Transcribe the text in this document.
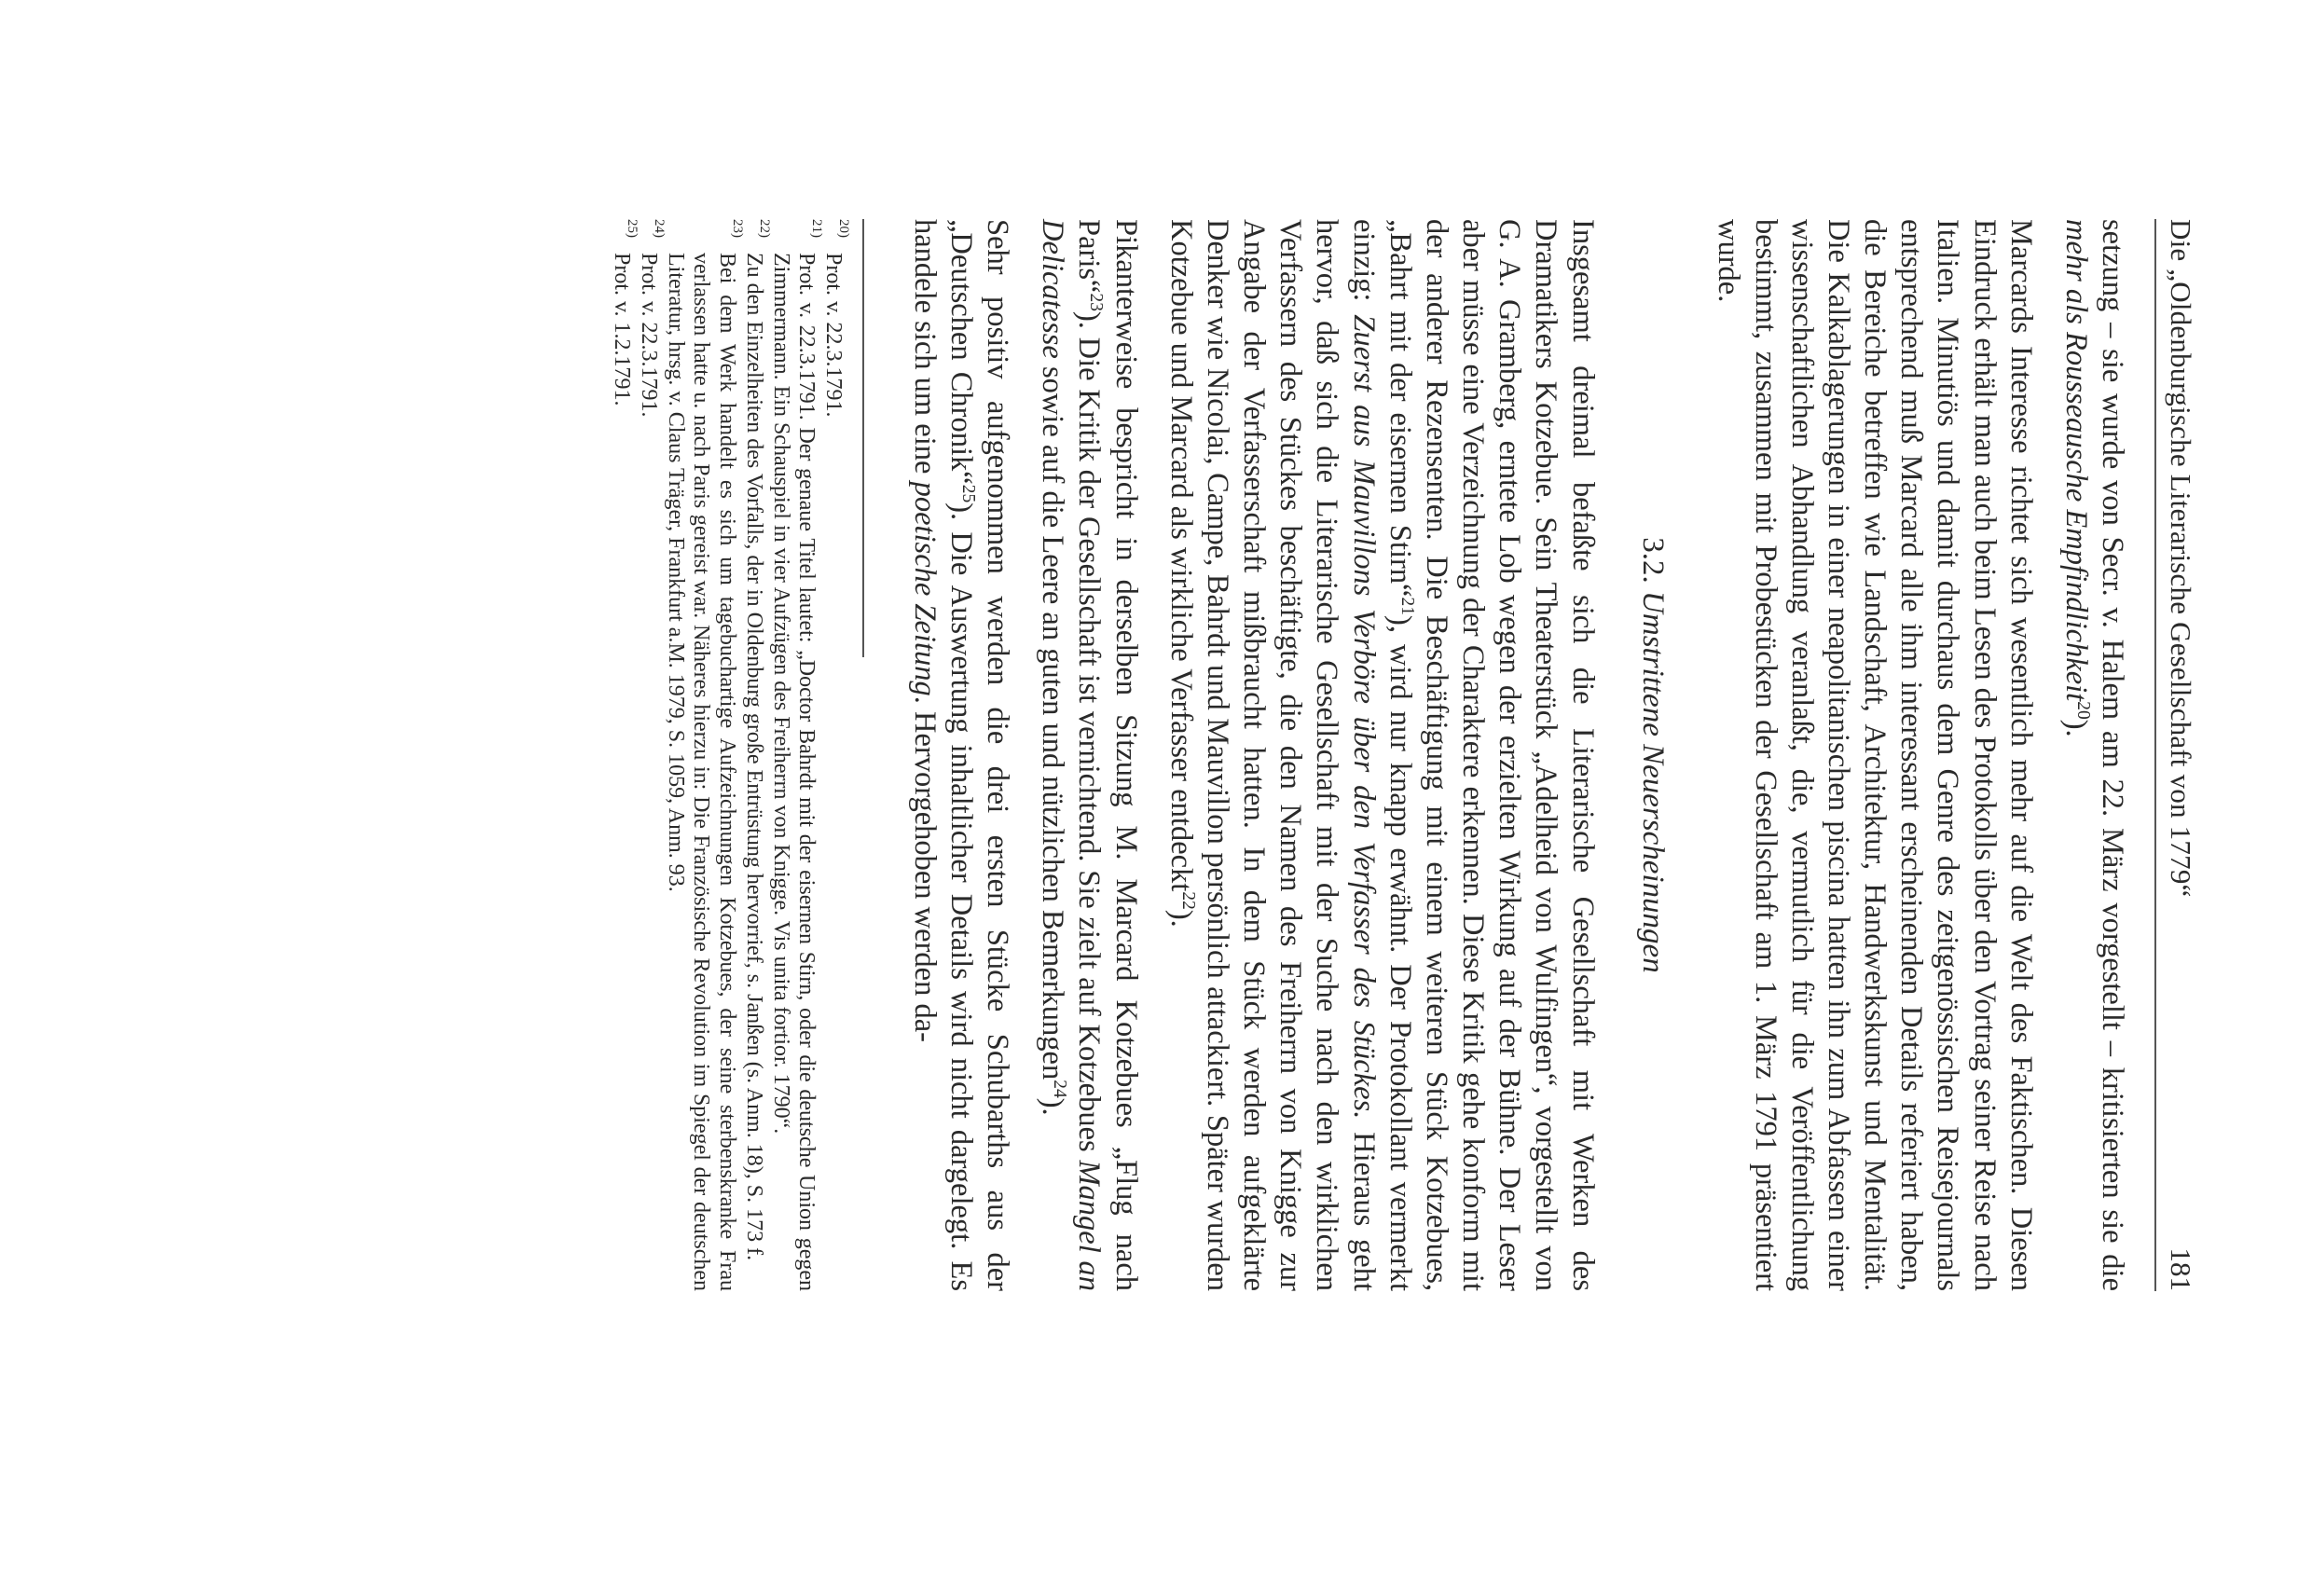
Die „Oldenburgische Literarische Gesellschaft von 1779“
181

setzung – sie wurde von Secr. v. Halem am 22. März vorgestellt – kritisierten sie die mehr als Rousseausche Empfindlichkeit$^{20}$).

Marcards Interesse richtet sich wesentlich mehr auf die Welt des Faktischen. Diesen Eindruck erhält man auch beim Lesen des Protokolls über den Vortrag seiner Reise nach Italien. Minutiös und damit durchaus dem Genre des zeitgenössischen Reisejournals entsprechend muß Marcard alle ihm interessant erscheinenden Details referiert haben, die Bereiche betreffen wie Landschaft, Architektur, Handwerkskunst und Mentalität. Die Kalkablagerungen in einer neapolitanischen piscina hatten ihn zum Abfassen einer wissenschaftlichen Abhandlung veranlaßt, die, vermutlich für die Veröffentlichung bestimmt, zusammen mit Probestücken der Gesellschaft am 1. März 1791 präsentiert wurde.

3.2. Umstrittene Neuerscheinungen

Insgesamt dreimal befaßte sich die Literarische Gesellschaft mit Werken des Dramatikers Kotzebue. Sein Theaterstück „Adelheid von Wulfingen“, vorgestellt von G. A. Gramberg, erntete Lob wegen der erzielten Wirkung auf der Bühne. Der Leser aber müsse eine Verzeichnung der Charaktere erkennen. Diese Kritik gehe konform mit der anderer Rezensenten. Die Beschäftigung mit einem weiteren Stück Kotzebues, „Bahrt mit der eisernen Stirn“$^{21}$), wird nur knapp erwähnt. Der Protokollant vermerkt einzig: Zuerst aus Mauvillons Verböre über den Verfasser des Stückes. Hieraus geht hervor, daß sich die Literarische Gesellschaft mit der Suche nach den wirklichen Verfassern des Stückes beschäftigte, die den Namen des Freiherrn von Knigge zur Angabe der Verfasserschaft mißbraucht hatten. In dem Stück werden aufgeklärte Denker wie Nicolai, Campe, Bahrdt und Mauvillon persönlich attackiert. Später wurden Kotzebue und Marcard als wirkliche Verfasser entdeckt$^{22}$).

Pikanterweise bespricht in derselben Sitzung M. Marcard Kotzebues „Flug nach Paris“$^{23}$). Die Kritik der Gesellschaft ist vernichtend. Sie zielt auf Kotzebues Mangel an Delicatesse sowie auf die Leere an guten und nützlichen Bemerkungen$^{24}$).

Sehr positiv aufgenommen werden die drei ersten Stücke Schubarths aus der „Deutschen Chronik“$^{25}$). Die Auswertung inhaltlicher Details wird nicht dargelegt. Es handele sich um eine poetische Zeitung. Hervorgehoben werden da-

20)
Prot. v. 22.3.1791.
21)
Prot. v. 22.3.1791. Der genaue Titel lautet: „Doctor Bahrdt mit der eisernen Stirn, oder die deutsche Union gegen Zimmermann. Ein Schauspiel in vier Aufzügen des Freiherrn von Knigge. Vis unita fortior. 1790“.
22)
Zu den Einzelheiten des Vorfalls, der in Oldenburg große Entrüstung hervorrief, s. Janßen (s. Anm. 18), S. 173 f.
23)
Bei dem Werk handelt es sich um tagebuchartige Aufzeichnungen Kotzebues, der seine sterbenskranke Frau verlassen hatte u. nach Paris gereist war. Näheres hierzu in: Die Französische Revolution im Spiegel der deutschen Literatur, hrsg. v. Claus Träger, Frankfurt a.M. 1979, S. 1059, Anm. 93.
24)
Prot. v. 22.3.1791.
25)
Prot. v. 1.2.1791.
